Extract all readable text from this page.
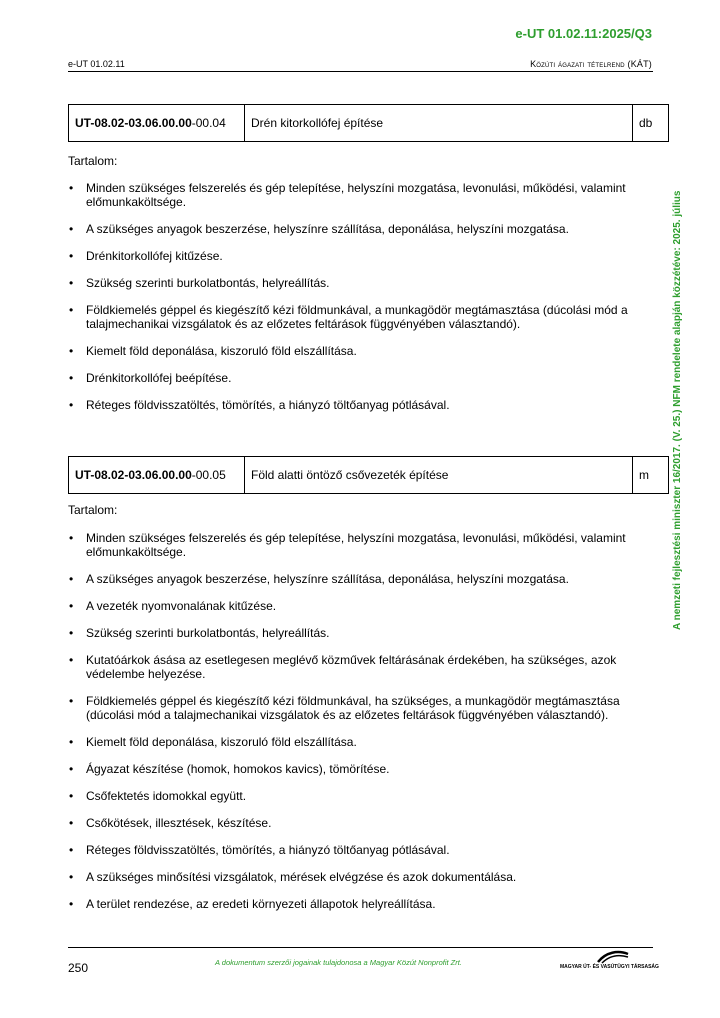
e-UT 01.02.11:2025/Q3
e-UT 01.02.11	Közúti ágazati tételrend (KÁT)
A nemzeti fejlesztési miniszter 16/2017. (V. 25.) NFM rendelete alapján közzétéve: 2025. július
UT-08.02-03.06.00.00-00.04	Drén kitorkollófej építése	db
Tartalom:
• Minden szükséges felszerelés és gép telepítése, helyszíni mozgatása, levonulási, működési, valamint előmunkaköltsége.
• A szükséges anyagok beszerzése, helyszínre szállítása, deponálása, helyszíni mozgatása.
• Drénkitorkollófej kitűzése.
• Szükség szerinti burkolatbontás, helyreállítás.
• Földkiemelés géppel és kiegészítő kézi földmunkával, a munkagödör megtámasztása (dúcolási mód a talajmechanikai vizsgálatok és az előzetes feltárások függvényében választandó).
• Kiemelt föld deponálása, kiszoruló föld elszállítása.
• Drénkitorkollófej beépítése.
• Réteges földvisszatöltés, tömörítés, a hiányzó töltőanyag pótlásával.
UT-08.02-03.06.00.00-00.05	Föld alatti öntöző csővezeték építése	m
Tartalom:
• Minden szükséges felszerelés és gép telepítése, helyszíni mozgatása, levonulási, működési, valamint előmunkaköltsége.
• A szükséges anyagok beszerzése, helyszínre szállítása, deponálása, helyszíni mozgatása.
• A vezeték nyomvonalának kitűzése.
• Szükség szerinti burkolatbontás, helyreállítás.
• Kutatóárkok ásása az esetlegesen meglévő közművek feltárásának érdekében, ha szükséges, azok védelembe helyezése.
• Földkiemelés géppel és kiegészítő kézi földmunkával, ha szükséges, a munkagödör megtámasztása (dúcolási mód a talajmechanikai vizsgálatok és az előzetes feltárások függvényében választandó).
• Kiemelt föld deponálása, kiszoruló föld elszállítása.
• Ágyazat készítése (homok, homokos kavics), tömörítése.
• Csőfektetés idomokkal együtt.
• Csőkötések, illesztések, készítése.
• Réteges földvisszatöltés, tömörítés, a hiányzó töltőanyag pótlásával.
• A szükséges minősítési vizsgálatok, mérések elvégzése és azok dokumentálása.
• A terület rendezése, az eredeti környezeti állapotok helyreállítása.
250	A dokumentum szerzői jogainak tulajdonosa a Magyar Közút Nonprofit Zrt.	MAGYAR ÚT- ÉS VASÚTÜGYI TÁRSASÁG
